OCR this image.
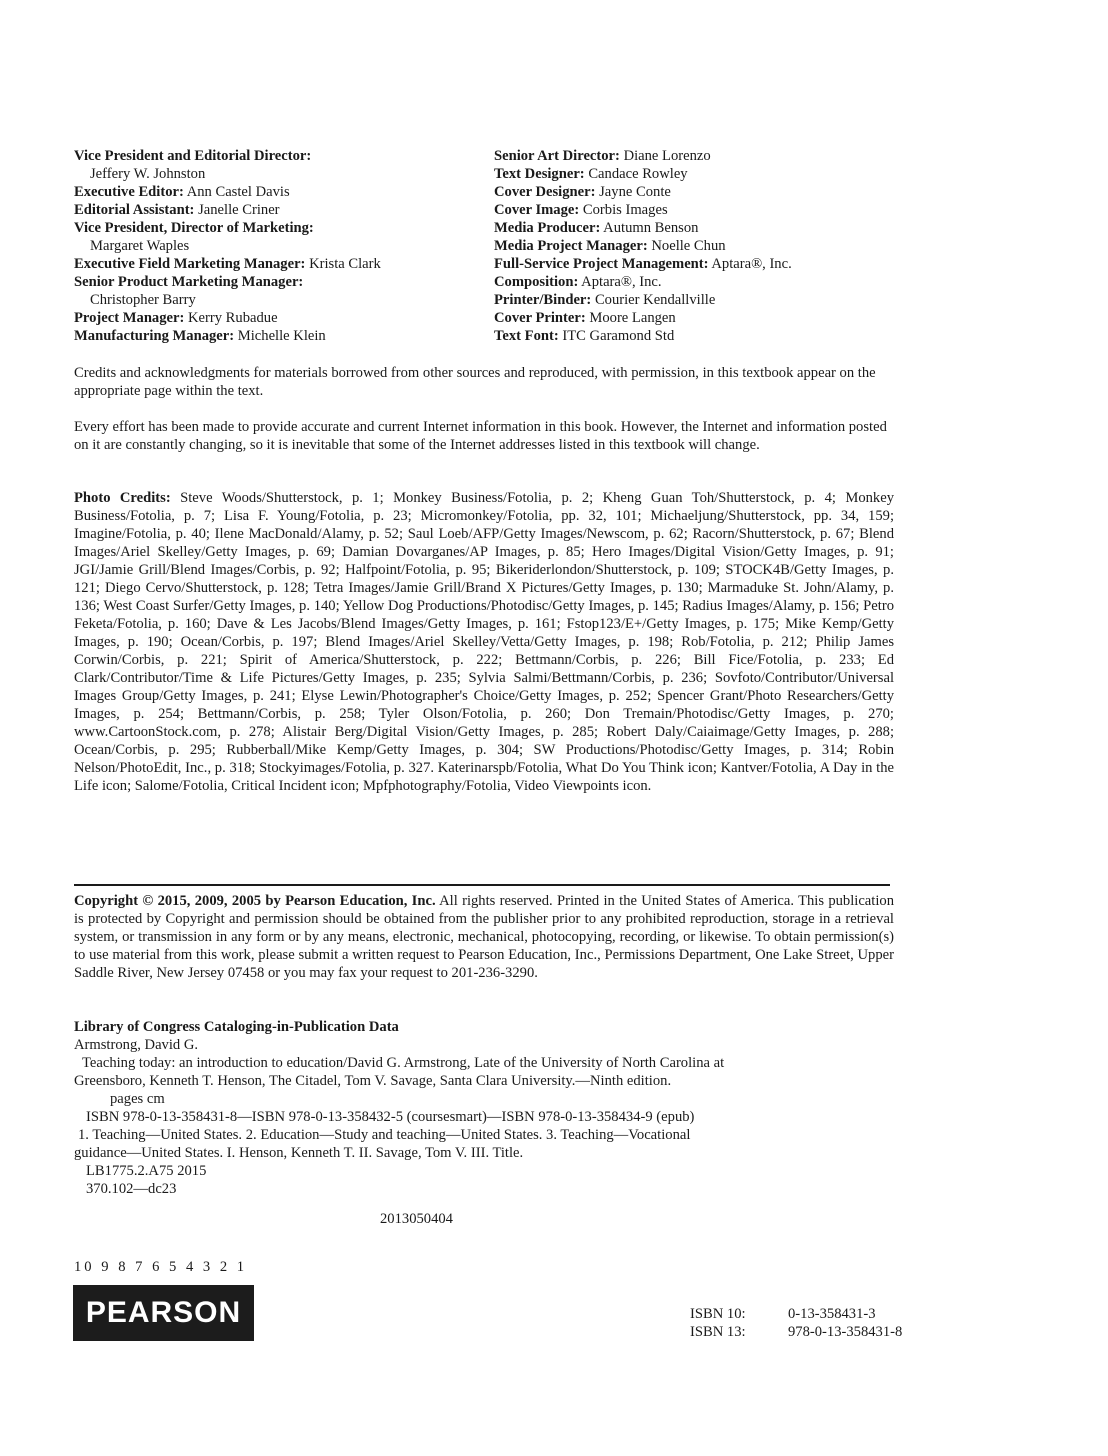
Vice President and Editorial Director:
Jeffery W. Johnston
Executive Editor: Ann Castel Davis
Editorial Assistant: Janelle Criner
Vice President, Director of Marketing:
Margaret Waples
Executive Field Marketing Manager: Krista Clark
Senior Product Marketing Manager:
Christopher Barry
Project Manager: Kerry Rubadue
Manufacturing Manager: Michelle Klein
Senior Art Director: Diane Lorenzo
Text Designer: Candace Rowley
Cover Designer: Jayne Conte
Cover Image: Corbis Images
Media Producer: Autumn Benson
Media Project Manager: Noelle Chun
Full-Service Project Management: Aptara®, Inc.
Composition: Aptara®, Inc.
Printer/Binder: Courier Kendallville
Cover Printer: Moore Langen
Text Font: ITC Garamond Std

Credits and acknowledgments for materials borrowed from other sources and reproduced, with permission, in this textbook appear on the appropriate page within the text.

Every effort has been made to provide accurate and current Internet information in this book. However, the Internet and information posted on it are constantly changing, so it is inevitable that some of the Internet addresses listed in this textbook will change.

Photo Credits: Steve Woods/Shutterstock, p. 1; Monkey Business/Fotolia, p. 2; Kheng Guan Toh/Shutterstock, p. 4; Monkey Business/Fotolia, p. 7; Lisa F. Young/Fotolia, p. 23; Micromonkey/Fotolia, pp. 32, 101; Michaeljung/Shutterstock, pp. 34, 159; Imagine/Fotolia, p. 40; Ilene MacDonald/Alamy, p. 52; Saul Loeb/AFP/Getty Images/Newscom, p. 62; Racorn/Shutterstock, p. 67; Blend Images/Ariel Skelley/Getty Images, p. 69; Damian Dovarganes/AP Images, p. 85; Hero Images/Digital Vision/Getty Images, p. 91; JGI/Jamie Grill/Blend Images/Corbis, p. 92; Halfpoint/Fotolia, p. 95; Bikeriderlondon/Shutterstock, p. 109; STOCK4B/Getty Images, p. 121; Diego Cervo/Shutterstock, p. 128; Tetra Images/Jamie Grill/Brand X Pictures/Getty Images, p. 130; Marmaduke St. John/Alamy, p. 136; West Coast Surfer/Getty Images, p. 140; Yellow Dog Productions/Photodisc/Getty Images, p. 145; Radius Images/Alamy, p. 156; Petro Feketa/Fotolia, p. 160; Dave & Les Jacobs/Blend Images/Getty Images, p. 161; Fstop123/E+/Getty Images, p. 175; Mike Kemp/Getty Images, p. 190; Ocean/Corbis, p. 197; Blend Images/Ariel Skelley/Vetta/Getty Images, p. 198; Rob/Fotolia, p. 212; Philip James Corwin/Corbis, p. 221; Spirit of America/Shutterstock, p. 222; Bettmann/Corbis, p. 226; Bill Fice/Fotolia, p. 233; Ed Clark/Contributor/Time & Life Pictures/Getty Images, p. 235; Sylvia Salmi/Bettmann/Corbis, p. 236; Sovfoto/Contributor/Universal Images Group/Getty Images, p. 241; Elyse Lewin/Photographer's Choice/Getty Images, p. 252; Spencer Grant/Photo Researchers/Getty Images, p. 254; Bettmann/Corbis, p. 258; Tyler Olson/Fotolia, p. 260; Don Tremain/Photodisc/Getty Images, p. 270; www.CartoonStock.com, p. 278; Alistair Berg/Digital Vision/Getty Images, p. 285; Robert Daly/Caiaimage/Getty Images, p. 288; Ocean/Corbis, p. 295; Rubberball/Mike Kemp/Getty Images, p. 304; SW Productions/Photodisc/Getty Images, p. 314; Robin Nelson/PhotoEdit, Inc., p. 318; Stockyimages/Fotolia, p. 327. Katerinarspb/Fotolia, What Do You Think icon; Kantver/Fotolia, A Day in the Life icon; Salome/Fotolia, Critical Incident icon; Mpfphotography/Fotolia, Video Viewpoints icon.

Copyright © 2015, 2009, 2005 by Pearson Education, Inc. All rights reserved. Printed in the United States of America. This publication is protected by Copyright and permission should be obtained from the publisher prior to any prohibited reproduction, storage in a retrieval system, or transmission in any form or by any means, electronic, mechanical, photocopying, recording, or likewise. To obtain permission(s) to use material from this work, please submit a written request to Pearson Education, Inc., Permissions Department, One Lake Street, Upper Saddle River, New Jersey 07458 or you may fax your request to 201-236-3290.

Library of Congress Cataloging-in-Publication Data
Armstrong, David G.
Teaching today: an introduction to education/David G. Armstrong, Late of the University of North Carolina at
Greensboro, Kenneth T. Henson, The Citadel, Tom V. Savage, Santa Clara University.—Ninth edition.
pages cm
ISBN 978-0-13-358431-8—ISBN 978-0-13-358432-5 (coursesmart)—ISBN 978-0-13-358434-9 (epub)
1. Teaching—United States. 2. Education—Study and teaching—United States. 3. Teaching—Vocational
guidance—United States. I. Henson, Kenneth T. II. Savage, Tom V. III. Title.
LB1775.2.A75 2015
370.102—dc23
2013050404
10 9 8 7 6 5 4 3 2 1
PEARSON	ISBN 10:	0-13-358431-3
ISBN 13:	978-0-13-358431-8
